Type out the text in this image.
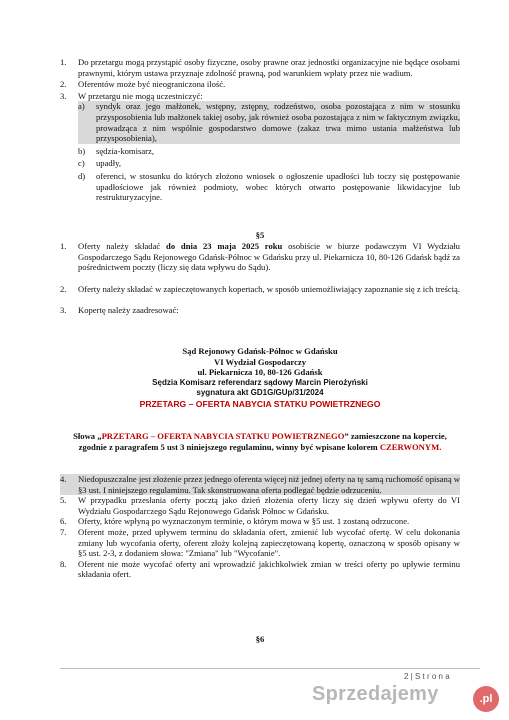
1. Do przetargu mogą przystąpić osoby fizyczne, osoby prawne oraz jednostki organizacyjne nie będące osobami prawnymi, którym ustawa przyznaje zdolność prawną, pod warunkiem wpłaty przez nie wadium.
2. Oferentów może być nieograniczona ilość.
3. W przetargu nie mogą uczestniczyć:
a) syndyk oraz jego małżonek, wstępny, zstępny, rodzeństwo, osoba pozostająca z nim w stosunku przysposobienia lub małżonek takiej osoby, jak również osoba pozostająca z nim w faktycznym związku, prowadząca z nim wspólnie gospodarstwo domowe (zakaz trwa mimo ustania małżeństwa lub przysposobienia),
b) sędzia-komisarz,
c) upadły,
d) oferenci, w stosunku do których złożono wniosek o ogłoszenie upadłości lub toczy się postępowanie upadłościowe jak również podmioty, wobec których otwarto postępowanie likwidacyjne lub restrukturyzacyjne.
§5
1. Oferty należy składać do dnia 23 maja 2025 roku osobiście w biurze podawczym VI Wydziału Gospodarczego Sądu Rejonowego Gdańsk-Północ w Gdańsku przy ul. Piekarnicza 10, 80-126 Gdańsk bądź za pośrednictwem poczty (liczy się data wpływu do Sądu).
2. Oferty należy składać w zapieczętowanych kopertach, w sposób uniemożliwiający zapoznanie się z ich treścią.
3. Kopertę należy zaadresować:
Sąd Rejonowy Gdańsk-Północ w Gdańsku
VI Wydział Gospodarczy
ul. Piekarnicza 10, 80-126 Gdańsk
Sędzia Komisarz referendarz sądowy Marcin Pierożyński
sygnatura akt GD1G/GUp/31/2024
PRZETARG – OFERTA NABYCIA STATKU POWIETRZNEGO
Słowa „PRZETARG – OFERTA NABYCIA STATKU POWIETRZNEGO” zamieszczone na kopercie, zgodnie z paragrafem 5 ust 3 niniejszego regulaminu, winny być wpisane kolorem CZERWONYM.
4. Niedopuszczalne jest złożenie przez jednego oferenta więcej niż jednej oferty na tę samą ruchomość opisaną w §3 ust. I niniejszego regulaminu. Tak skonstruowana oferta podlegać będzie odrzuceniu.
5. W przypadku przesłania oferty pocztą jako dzień złożenia oferty liczy się dzień wpływu oferty do VI Wydziału Gospodarczego Sądu Rejonowego Gdańsk Północ w Gdańsku.
6. Oferty, które wpłyną po wyznaczonym terminie, o którym mowa w §5 ust. 1 zostaną odrzucone.
7. Oferent może, przed upływem terminu do składania ofert, zmienić lub wycofać ofertę. W celu dokonania zmiany lub wycofania oferty, oferent złoży kolejną zapieczętowaną kopertę, oznaczoną w sposób opisany w §5 ust. 2-3, z dodaniem słowa: "Zmiana" lub "Wycofanie".
8. Oferent nie może wycofać oferty ani wprowadzić jakichkolwiek zmian w treści oferty po upływie terminu składania ofert.
§6
2 | S t r o n a
Sprzedajemy	.pl
